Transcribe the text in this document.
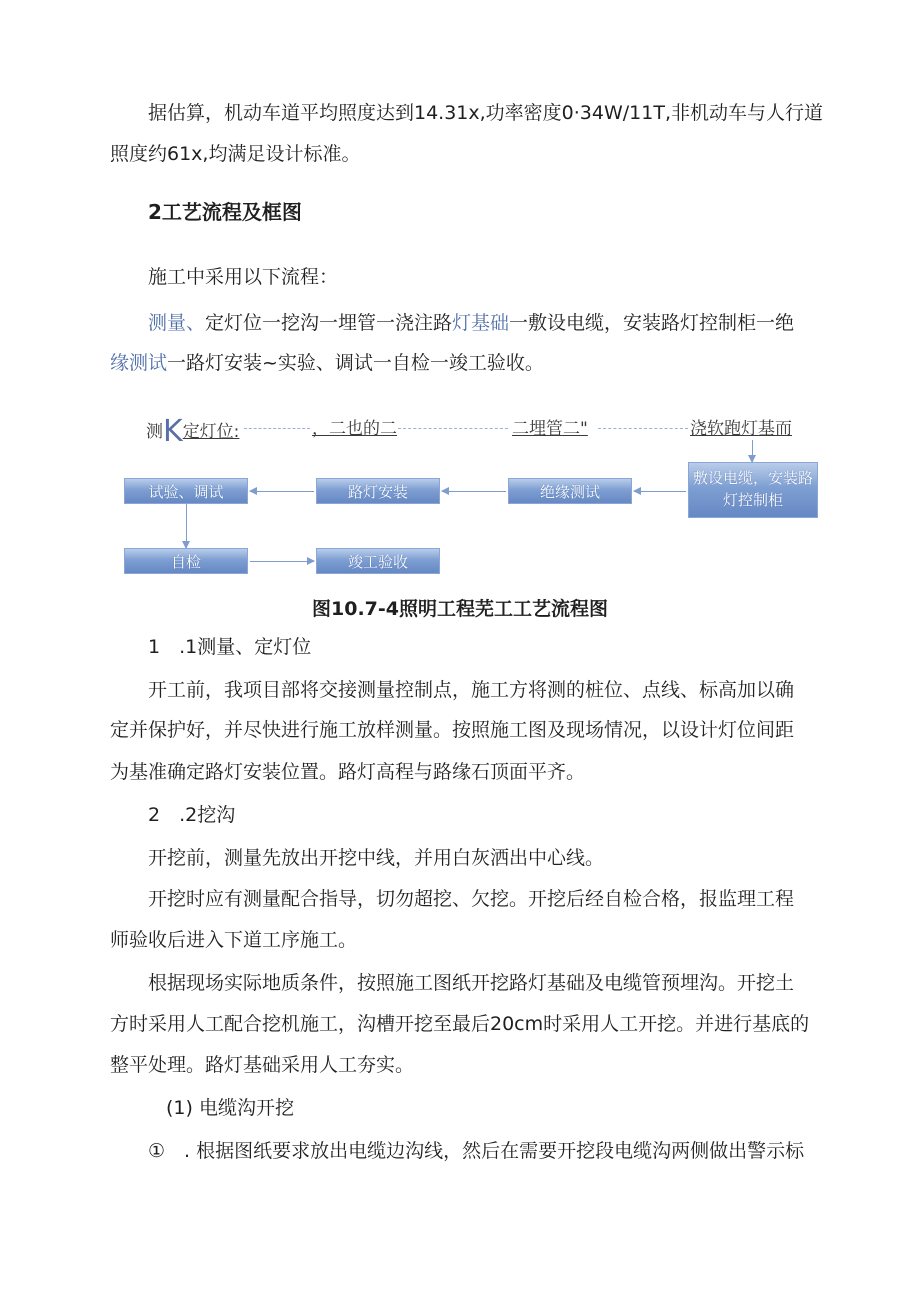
据估算，机动车道平均照度达到14.31x,功率密度0·34W/11T,非机动车与人行道
照度约61x,均满足设计标准。
2工艺流程及框图
施工中采用以下流程：
测量、定灯位一挖沟一埋管一浇注路灯基础一敷设电缆，安装路灯控制柜一绝
缘测试一路灯安装~实验、调试一自检一竣工验收。
测K定灯位:	，二也的二	二埋管二"	浇软跑灯基而
敷设电缆，安装路灯控制柜
绝缘测试
路灯安装
试验、调试
自检	竣工验收
图10.7-4照明工程芜工工艺流程图
1 .1测量、定灯位
开工前，我项目部将交接测量控制点，施工方将测的桩位、点线、标高加以确
定并保护好，并尽快进行施工放样测量。按照施工图及现场情况，以设计灯位间距
为基准确定路灯安装位置。路灯高程与路缘石顶面平齐。
2 .2挖沟
开挖前，测量先放出开挖中线，并用白灰洒出中心线。
开挖时应有测量配合指导，切勿超挖、欠挖。开挖后经自检合格，报监理工程
师验收后进入下道工序施工。
根据现场实际地质条件，按照施工图纸开挖路灯基础及电缆管预埋沟。开挖土
方时采用人工配合挖机施工，沟槽开挖至最后20cm时采用人工开挖。并进行基底的
整平处理。路灯基础采用人工夯实。
(1) 电缆沟开挖
① . 根据图纸要求放出电缆边沟线，然后在需要开挖段电缆沟两侧做出警示标
